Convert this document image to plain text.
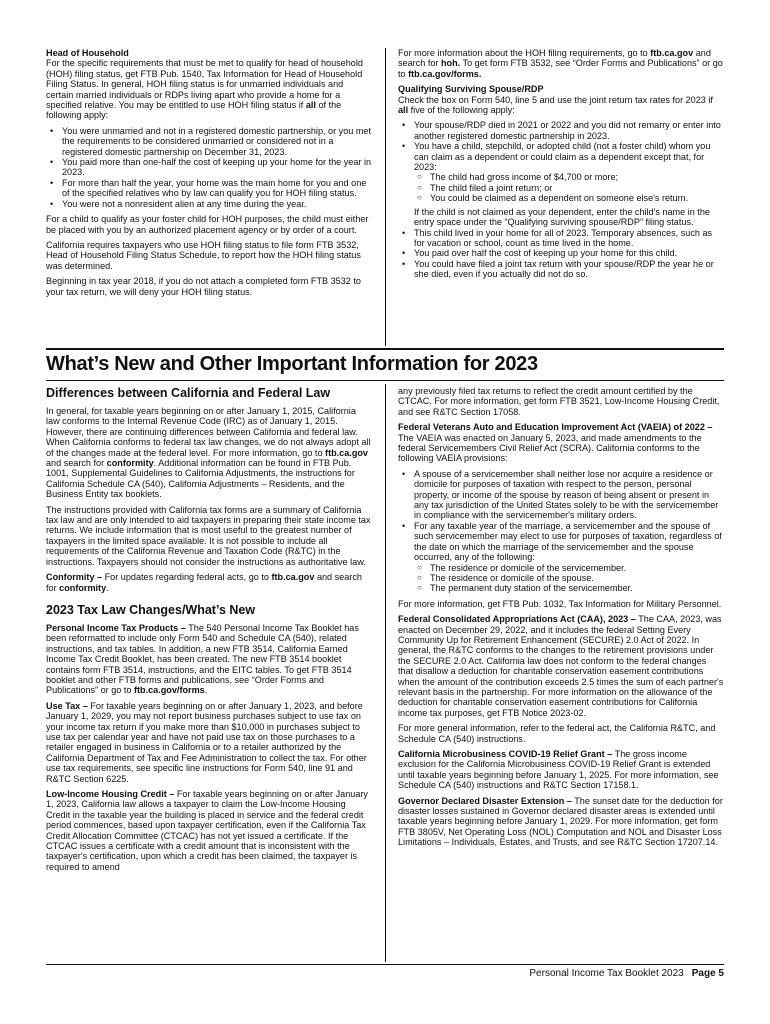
Head of Household

For the specific requirements that must be met to qualify for head of household (HOH) filing status, get FTB Pub. 1540, Tax Information for Head of Household Filing Status. In general, HOH filing status is for unmarried individuals and certain married individuals or RDPs living apart who provide a home for a specified relative. You may be entitled to use HOH filing status if all of the following apply:

• You were unmarried and not in a registered domestic partnership, or you met the requirements to be considered unmarried or considered not in a registered domestic partnership on December 31, 2023.
• You paid more than one-half the cost of keeping up your home for the year in 2023.
• For more than half the year, your home was the main home for you and one of the specified relatives who by law can qualify you for HOH filing status.
• You were not a nonresident alien at any time during the year.

For a child to qualify as your foster child for HOH purposes, the child must either be placed with you by an authorized placement agency or by order of a court.

California requires taxpayers who use HOH filing status to file form FTB 3532, Head of Household Filing Status Schedule, to report how the HOH filing status was determined.

Beginning in tax year 2018, if you do not attach a completed form FTB 3532 to your tax return, we will deny your HOH filing status.

For more information about the HOH filing requirements, go to ftb.ca.gov and search for hoh. To get form FTB 3532, see “Order Forms and Publications” or go to ftb.ca.gov/forms.

Qualifying Surviving Spouse/RDP

Check the box on Form 540, line 5 and use the joint return tax rates for 2023 if all five of the following apply:

• Your spouse/RDP died in 2021 or 2022 and you did not remarry or enter into another registered domestic partnership in 2023.
• You have a child, stepchild, or adopted child (not a foster child) whom you can claim as a dependent or could claim as a dependent except that, for 2023:
○ The child had gross income of $4,700 or more;
○ The child filed a joint return; or
○ You could be claimed as a dependent on someone else's return.
If the child is not claimed as your dependent, enter the child's name in the entry space under the “Qualifying surviving spouse/RDP” filing status.
• This child lived in your home for all of 2023. Temporary absences, such as for vacation or school, count as time lived in the home.
• You paid over half the cost of keeping up your home for this child.
• You could have filed a joint tax return with your spouse/RDP the year he or she died, even if you actually did not do so.
What’s New and Other Important Information for 2023

Differences between California and Federal Law

In general, for taxable years beginning on or after January 1, 2015, California law conforms to the Internal Revenue Code (IRC) as of January 1, 2015. However, there are continuing differences between California and federal law. When California conforms to federal tax law changes, we do not always adopt all of the changes made at the federal level. For more information, go to ftb.ca.gov and search for conformity. Additional information can be found in FTB Pub. 1001, Supplemental Guidelines to California Adjustments, the instructions for California Schedule CA (540), California Adjustments – Residents, and the Business Entity tax booklets.

The instructions provided with California tax forms are a summary of California tax law and are only intended to aid taxpayers in preparing their state income tax returns. We include information that is most useful to the greatest number of taxpayers in the limited space available. It is not possible to include all requirements of the California Revenue and Taxation Code (R&TC) in the instructions. Taxpayers should not consider the instructions as authoritative law.

Conformity – For updates regarding federal acts, go to ftb.ca.gov and search for conformity.

2023 Tax Law Changes/What’s New

Personal Income Tax Products – The 540 Personal Income Tax Booklet has been reformatted to include only Form 540 and Schedule CA (540), related instructions, and tax tables. In addition, a new FTB 3514, California Earned Income Tax Credit Booklet, has been created. The new FTB 3514 booklet contains form FTB 3514, instructions, and the EITC tables. To get FTB 3514 booklet and other FTB forms and publications, see “Order Forms and Publications” or go to ftb.ca.gov/forms.

Use Tax – For taxable years beginning on or after January 1, 2023, and before January 1, 2029, you may not report business purchases subject to use tax on your income tax return if you make more than $10,000 in purchases subject to use tax per calendar year and have not paid use tax on those purchases to a retailer engaged in business in California or to a retailer authorized by the California Department of Tax and Fee Administration to collect the tax. For other use tax requirements, see specific line instructions for Form 540, line 91 and R&TC Section 6225.

Low-Income Housing Credit – For taxable years beginning on or after January 1, 2023, California law allows a taxpayer to claim the Low-Income Housing Credit in the taxable year the building is placed in service and the federal credit period commences, based upon taxpayer certification, even if the California Tax Credit Allocation Committee (CTCAC) has not yet issued a certificate. If the CTCAC issues a certificate with a credit amount that is inconsistent with the taxpayer's certification, upon which a credit has been claimed, the taxpayer is required to amend

any previously filed tax returns to reflect the credit amount certified by the CTCAC. For more information, get form FTB 3521, Low-Income Housing Credit, and see R&TC Section 17058.

Federal Veterans Auto and Education Improvement Act (VAEIA) of 2022 – The VAEIA was enacted on January 5, 2023, and made amendments to the federal Servicemembers Civil Relief Act (SCRA). California conforms to the following VAEIA provisions:

• A spouse of a servicemember shall neither lose nor acquire a residence or domicile for purposes of taxation with respect to the person, personal property, or income of the spouse by reason of being absent or present in any tax jurisdiction of the United States solely to be with the servicemember in compliance with the servicemember's military orders.
• For any taxable year of the marriage, a servicemember and the spouse of such servicemember may elect to use for purposes of taxation, regardless of the date on which the marriage of the servicemember and the spouse occurred, any of the following:
○ The residence or domicile of the servicemember.
○ The residence or domicile of the spouse.
○ The permanent duty station of the servicemember.

For more information, get FTB Pub. 1032, Tax Information for Military Personnel.

Federal Consolidated Appropriations Act (CAA), 2023 – The CAA, 2023, was enacted on December 29, 2022, and it includes the federal Setting Every Community Up for Retirement Enhancement (SECURE) 2.0 Act of 2022. In general, the R&TC conforms to the changes to the retirement provisions under the SECURE 2.0 Act. California law does not conform to the federal changes that disallow a deduction for charitable conservation easement contributions when the amount of the contribution exceeds 2.5 times the sum of each partner's relevant basis in the partnership. For more information on the allowance of the deduction for charitable conservation easement contributions for California income tax purposes, get FTB Notice 2023-02.

For more general information, refer to the federal act, the California R&TC, and Schedule CA (540) instructions.

California Microbusiness COVID-19 Relief Grant – The gross income exclusion for the California Microbusiness COVID-19 Relief Grant is extended until taxable years beginning before January 1, 2025. For more information, see Schedule CA (540) instructions and R&TC Section 17158.1.

Governor Declared Disaster Extension – The sunset date for the deduction for disaster losses sustained in Governor declared disaster areas is extended until taxable years beginning before January 1, 2029. For more information, get form FTB 3805V, Net Operating Loss (NOL) Computation and NOL and Disaster Loss Limitations – Individuals, Estates, and Trusts, and see R&TC Section 17207.14.

Personal Income Tax Booklet 2023 Page 5
